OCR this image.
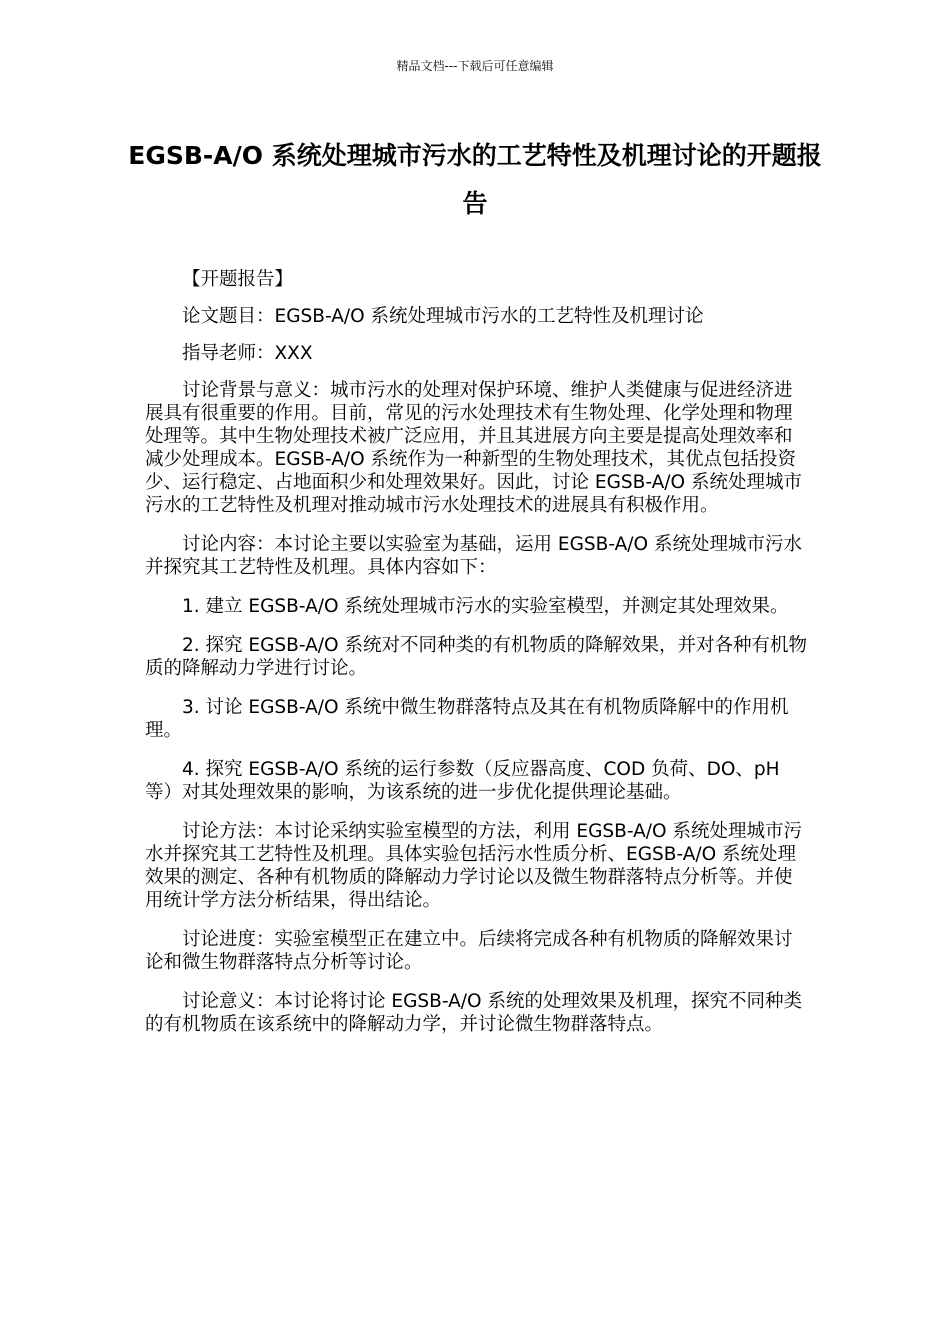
精品文档---下载后可任意编辑
EGSB-A/O 系统处理城市污水的工艺特性及机理讨论的开题报告

【开题报告】

论文题目：EGSB-A/O 系统处理城市污水的工艺特性及机理讨论

指导老师：XXX

讨论背景与意义：城市污水的处理对保护环境、维护人类健康与促进经济进展具有很重要的作用。目前，常见的污水处理技术有生物处理、化学处理和物理处理等。其中生物处理技术被广泛应用，并且其进展方向主要是提高处理效率和减少处理成本。EGSB-A/O 系统作为一种新型的生物处理技术，其优点包括投资少、运行稳定、占地面积少和处理效果好。因此，讨论 EGSB-A/O 系统处理城市污水的工艺特性及机理对推动城市污水处理技术的进展具有积极作用。

讨论内容：本讨论主要以实验室为基础，运用 EGSB-A/O 系统处理城市污水并探究其工艺特性及机理。具体内容如下：

1. 建立 EGSB-A/O 系统处理城市污水的实验室模型，并测定其处理效果。

2. 探究 EGSB-A/O 系统对不同种类的有机物质的降解效果，并对各种有机物质的降解动力学进行讨论。

3. 讨论 EGSB-A/O 系统中微生物群落特点及其在有机物质降解中的作用机理。

4. 探究 EGSB-A/O 系统的运行参数（反应器高度、COD 负荷、DO、pH 等）对其处理效果的影响，为该系统的进一步优化提供理论基础。

讨论方法：本讨论采纳实验室模型的方法，利用 EGSB-A/O 系统处理城市污水并探究其工艺特性及机理。具体实验包括污水性质分析、EGSB-A/O 系统处理效果的测定、各种有机物质的降解动力学讨论以及微生物群落特点分析等。并使用统计学方法分析结果，得出结论。

讨论进度：实验室模型正在建立中。后续将完成各种有机物质的降解效果讨论和微生物群落特点分析等讨论。

讨论意义：本讨论将讨论 EGSB-A/O 系统的处理效果及机理，探究不同种类的有机物质在该系统中的降解动力学，并讨论微生物群落特点。
